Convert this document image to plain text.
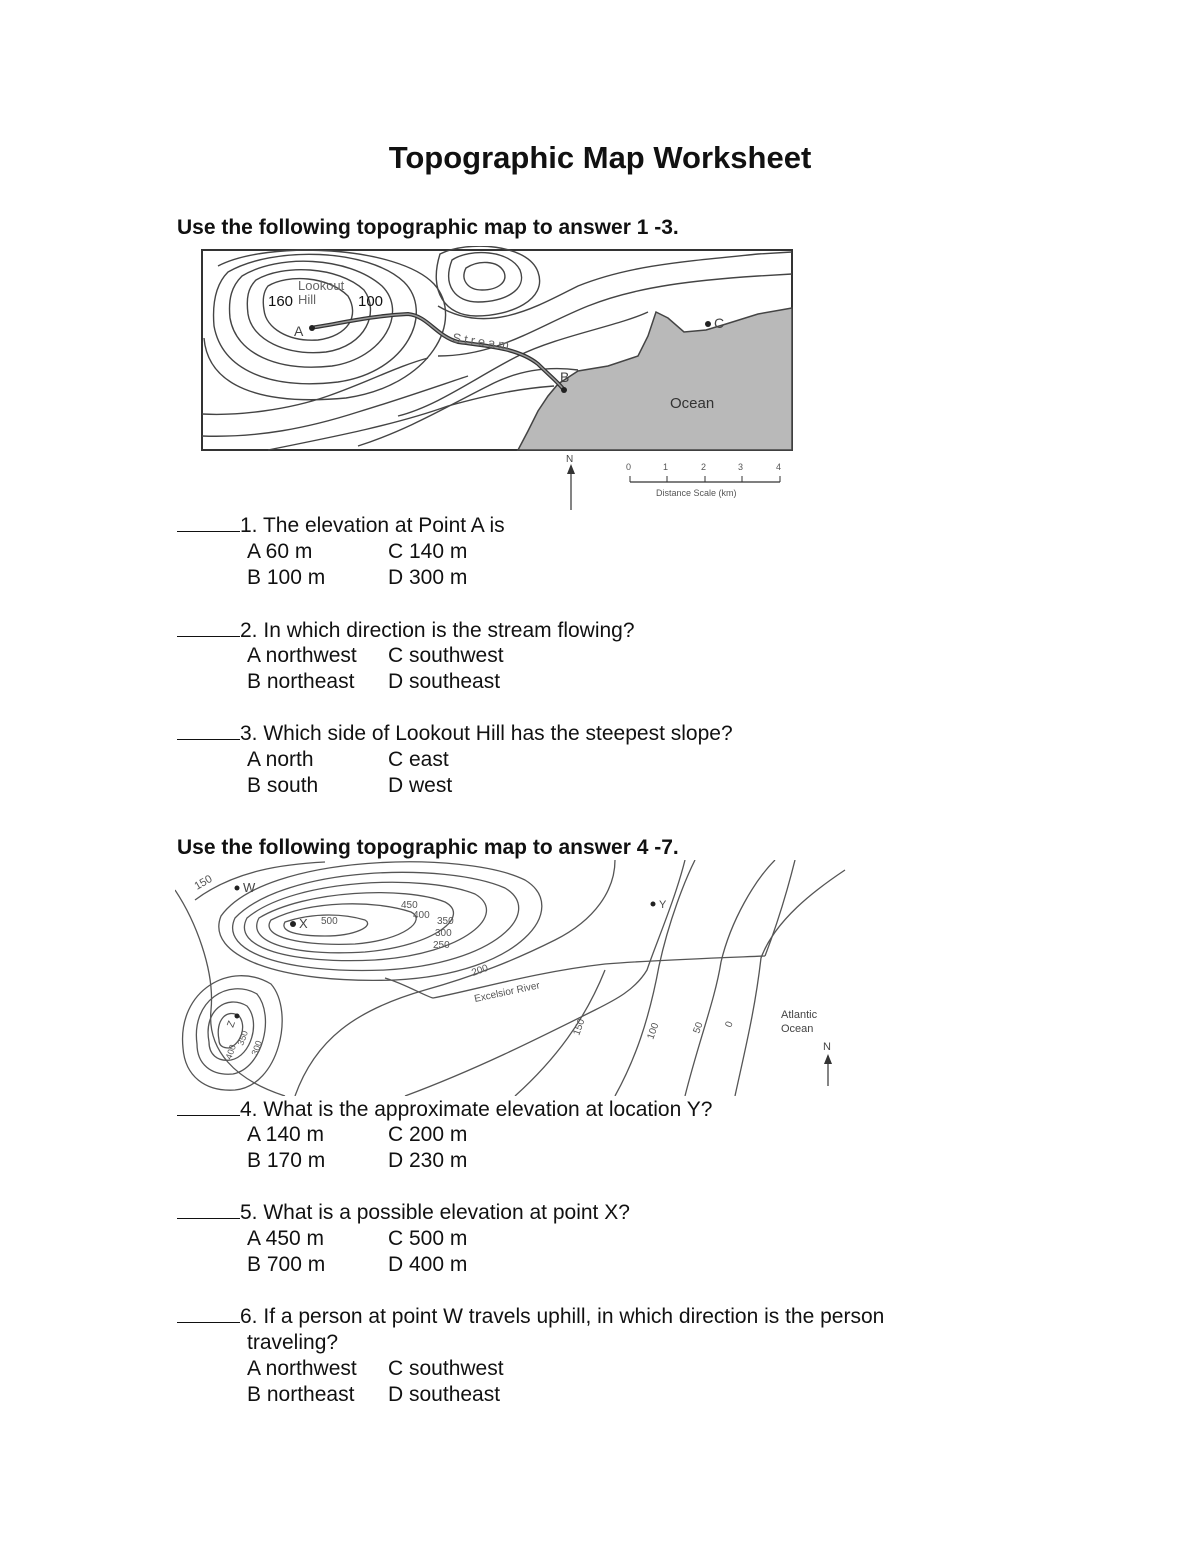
Topographic Map Worksheet
Use the following topographic map to answer 1 -3.
Lookout
Hill
160	100
A
B
C
Stream
Ocean
N
0	1	2	3	4
Distance Scale (km)
1. The elevation at Point A is
A 60 m	C 140 m
B 100 m	D 300 m
2. In which direction is the stream flowing?
A northwest	C southwest
B northeast	D southeast
3. Which side of Lookout Hill has the steepest slope?
A north	C east
B south	D west
Use the following topographic map to answer 4 -7.
150 W
X 500
450
400
350
300
250
200
Y
Excelsior River
150	100	50 0
Z
400
350
300
Atlantic
Ocean
N
4. What is the approximate elevation at location Y?
A 140 m	C 200 m
B 170 m	D 230 m
5. What is a possible elevation at point X?
A 450 m	C 500 m
B 700 m	D 400 m
6. If a person at point W travels uphill, in which direction is the person
traveling?
A northwest	C southwest
B northeast	D southeast
